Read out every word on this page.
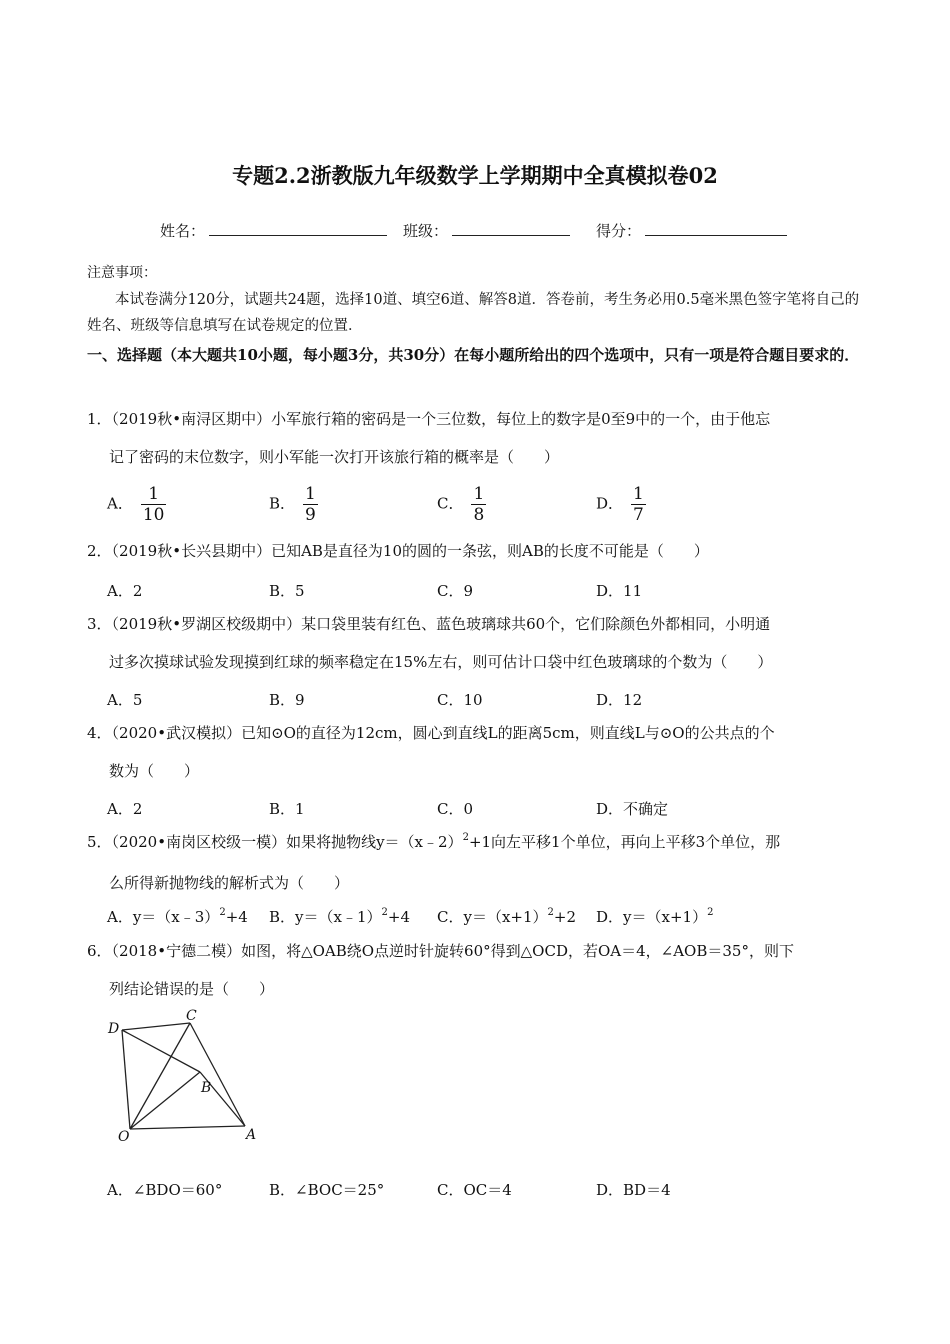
专题2.2浙教版九年级数学上学期期中全真模拟卷02
姓名：	班级：	得分：
注意事项：
本试卷满分120分，试题共24题，选择10道、填空6道、解答8道．答卷前，考生务必用0.5毫米黑色签字笔将自己的姓名、班级等信息填写在试卷规定的位置．
一、选择题（本大题共10小题，每小题3分，共30分）在每小题所给出的四个选项中，只有一项是符合题目要求的．
1．（2019秋•南浔区期中）小军旅行箱的密码是一个三位数，每位上的数字是0至9中的一个，由于他忘
记了密码的末位数字，则小军能一次打开该旅行箱的概率是（　　）
A． $\frac{1}{10}$	B． $\frac{1}{9}$	C． $\frac{1}{8}$	D． $\frac{1}{7}$
2．（2019秋•长兴县期中）已知AB是直径为10的圆的一条弦，则AB的长度不可能是（　　）
A．2	B．5	C．9	D．11
3．（2019秋•罗湖区校级期中）某口袋里装有红色、蓝色玻璃球共60个，它们除颜色外都相同，小明通
过多次摸球试验发现摸到红球的频率稳定在15%左右，则可估计口袋中红色玻璃球的个数为（　　）
A．5	B．9	C．10	D．12
4．（2020•武汉模拟）已知⊙O的直径为12cm，圆心到直线L的距离5cm，则直线L与⊙O的公共点的个
数为（　　）
A．2	B．1	C．0	D．不确定
5．（2020•南岗区校级一模）如果将抛物线y＝（x﹣2）$^2$+1向左平移1个单位，再向上平移3个单位，那
么所得新抛物线的解析式为（　　）
A．y＝（x﹣3）$^2$+4 B．y＝（x﹣1）$^2$+4 C．$y=(x+1)^2+2$ D．$y=(x+1)^2$
6．（2018•宁德二模）如图，将△OAB绕O点逆时针旋转60°得到△OCD，若OA＝4，∠AOB＝35°，则下
列结论错误的是（　　）
D
C
B
O	A
A．∠BDO＝60°	B．∠BOC＝25°	C．OC＝4	D．BD＝4
